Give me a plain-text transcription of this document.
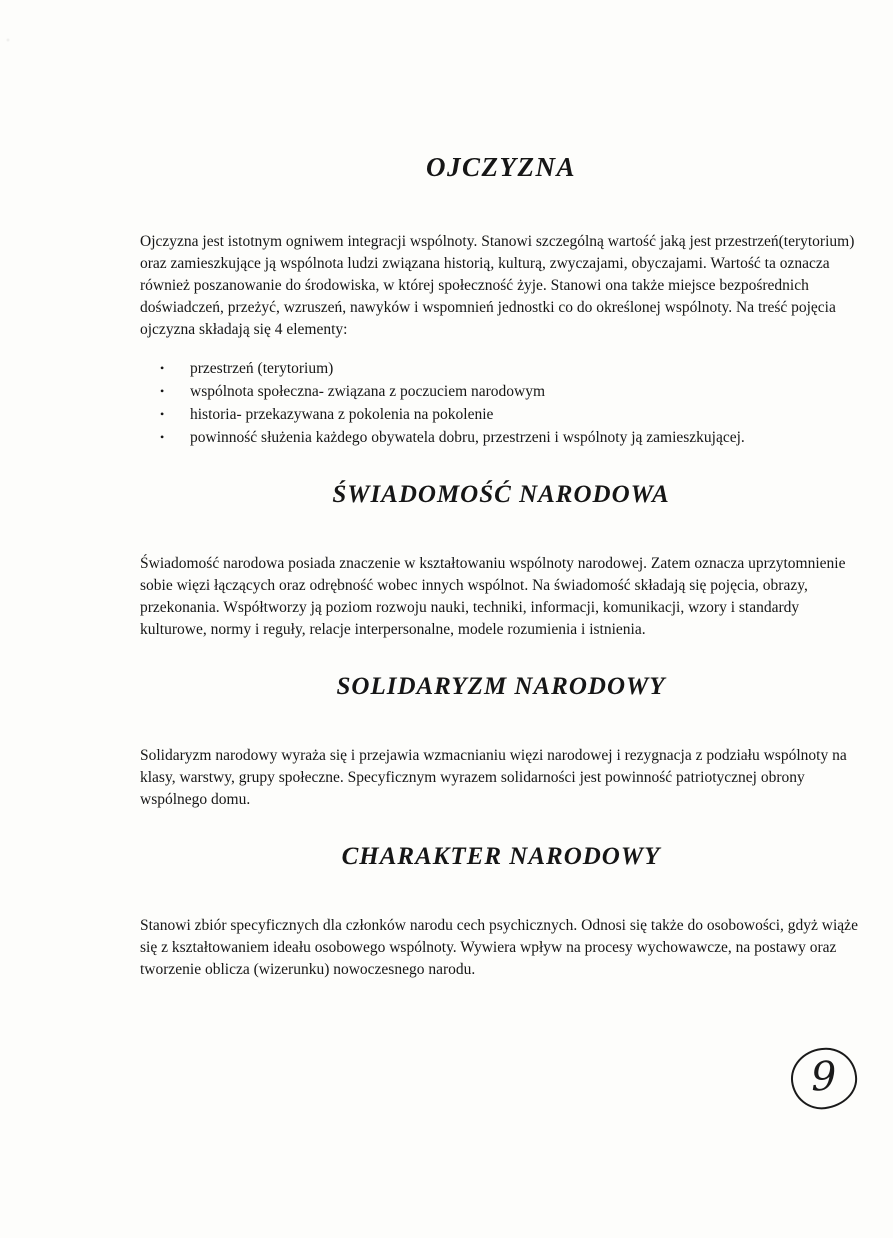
OJCZYZNA

Ojczyzna jest istotnym ogniwem integracji wspólnoty. Stanowi szczególną wartość jaką jest przestrzeń(terytorium) oraz zamieszkujące ją wspólnota ludzi związana historią, kulturą, zwyczajami, obyczajami. Wartość ta oznacza również poszanowanie do środowiska, w której społeczność żyje. Stanowi ona także miejsce bezpośrednich doświadczeń, przeżyć, wzruszeń, nawyków i wspomnień jednostki co do określonej wspólnoty. Na treść pojęcia ojczyzna składają się 4 elementy:

•	przestrzeń (terytorium)
•	wspólnota społeczna- związana z poczuciem narodowym
•	historia- przekazywana z pokolenia na pokolenie
•	powinność służenia każdego obywatela dobru, przestrzeni i wspólnoty ją zamieszkującej.
ŚWIADOMOŚĆ NARODOWA

Świadomość narodowa posiada znaczenie w kształtowaniu wspólnoty narodowej. Zatem oznacza uprzytomnienie sobie więzi łączących oraz odrębność wobec innych wspólnot. Na świadomość składają się pojęcia, obrazy, przekonania. Współtworzy ją poziom rozwoju nauki, techniki, informacji, komunikacji, wzory i standardy kulturowe, normy i reguły, relacje interpersonalne, modele rozumienia i istnienia.

SOLIDARYZM NARODOWY

Solidaryzm narodowy wyraża się i przejawia wzmacnianiu więzi narodowej i rezygnacja z podziału wspólnoty na klasy, warstwy, grupy społeczne. Specyficznym wyrazem solidarności jest powinność patriotycznej obrony wspólnego domu.

CHARAKTER NARODOWY

Stanowi zbiór specyficznych dla członków narodu cech psychicznych. Odnosi się także do osobowości, gdyż wiąże się z kształtowaniem ideału osobowego wspólnoty. Wywiera wpływ na procesy wychowawcze, na postawy oraz tworzenie oblicza (wizerunku) nowoczesnego narodu.

9
